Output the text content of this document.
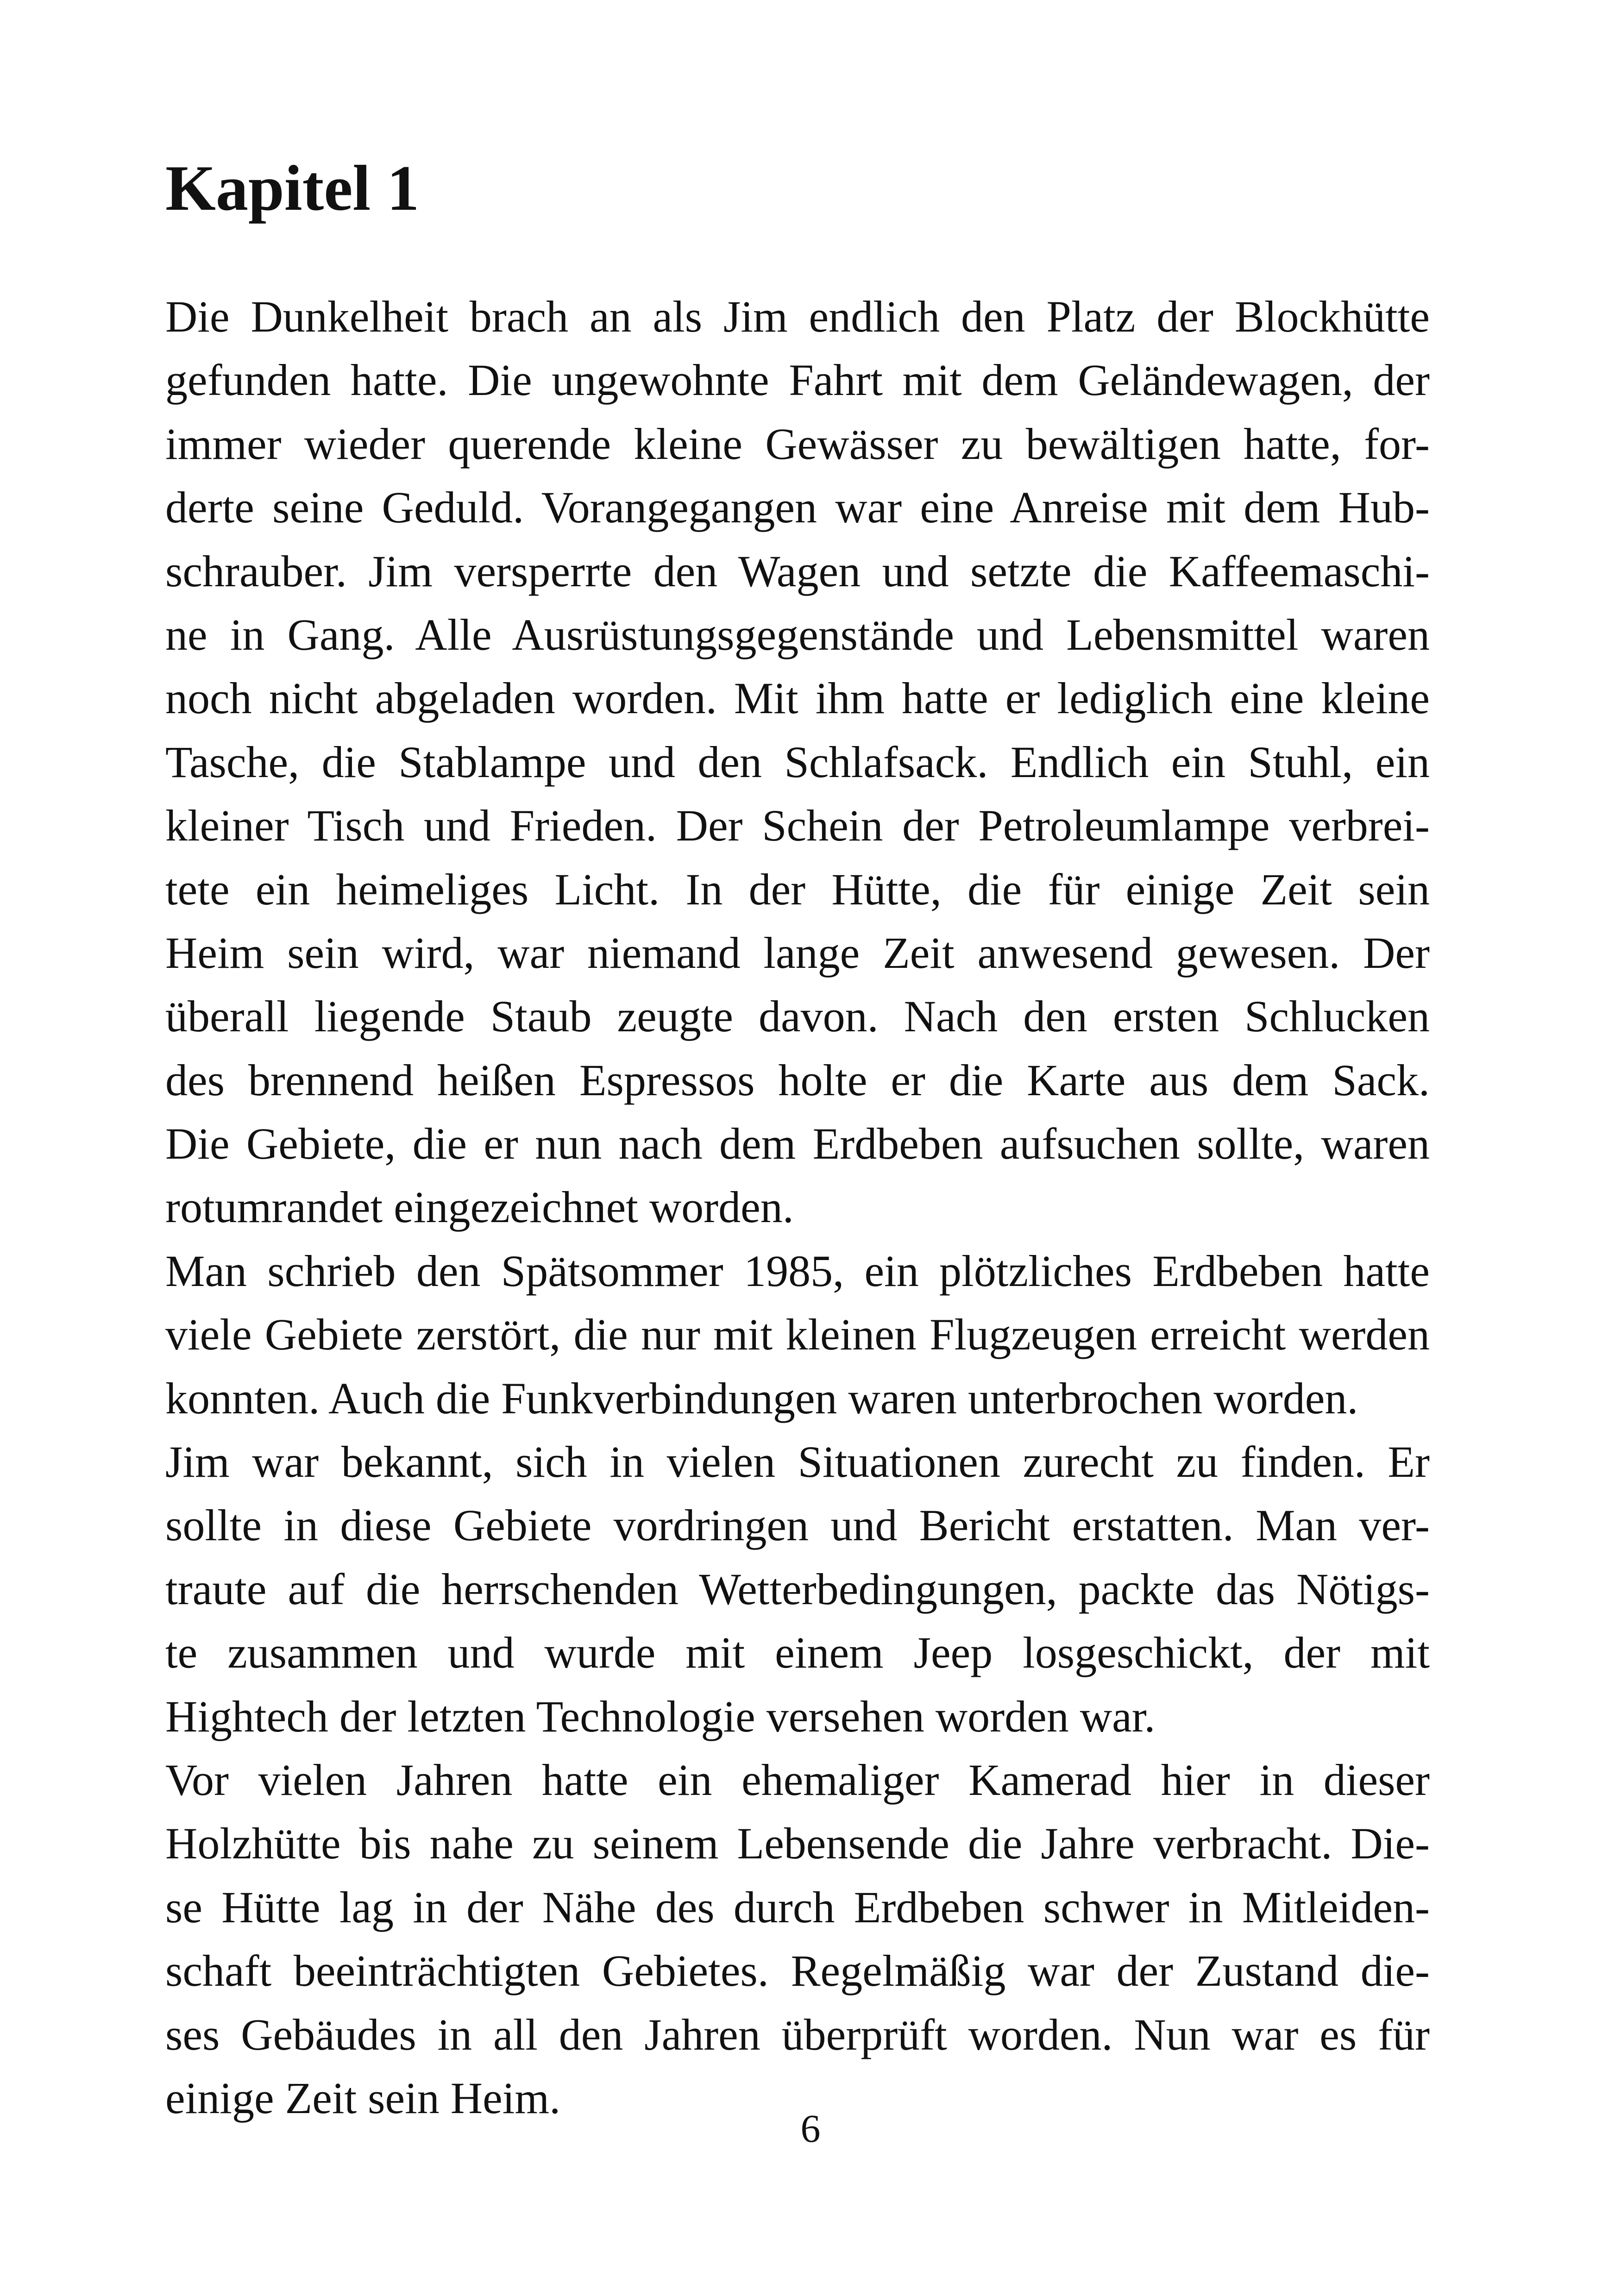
Kapitel 1
Die Dunkelheit brach an als Jim endlich den Platz der Blockhütte
gefunden hatte. Die ungewohnte Fahrt mit dem Geländewagen, der
immer wieder querende kleine Gewässer zu bewältigen hatte, for-
derte seine Geduld. Vorangegangen war eine Anreise mit dem Hub-
schrauber. Jim versperrte den Wagen und setzte die Kaffeemaschi-
ne in Gang. Alle Ausrüstungsgegenstände und Lebensmittel waren
noch nicht abgeladen worden. Mit ihm hatte er lediglich eine kleine
Tasche, die Stablampe und den Schlafsack. Endlich ein Stuhl, ein
kleiner Tisch und Frieden. Der Schein der Petroleumlampe verbrei-
tete ein heimeliges Licht. In der Hütte, die für einige Zeit sein
Heim sein wird, war niemand lange Zeit anwesend gewesen. Der
überall liegende Staub zeugte davon. Nach den ersten Schlucken
des brennend heißen Espressos holte er die Karte aus dem Sack.
Die Gebiete, die er nun nach dem Erdbeben aufsuchen sollte, waren
rotumrandet eingezeichnet worden.
Man schrieb den Spätsommer 1985, ein plötzliches Erdbeben hatte
viele Gebiete zerstört, die nur mit kleinen Flugzeugen erreicht werden
konnten. Auch die Funkverbindungen waren unterbrochen worden.
Jim war bekannt, sich in vielen Situationen zurecht zu finden. Er
sollte in diese Gebiete vordringen und Bericht erstatten. Man ver-
traute auf die herrschenden Wetterbedingungen, packte das Nötigs-
te zusammen und wurde mit einem Jeep losgeschickt, der mit
Hightech der letzten Technologie versehen worden war.
Vor vielen Jahren hatte ein ehemaliger Kamerad hier in dieser
Holzhütte bis nahe zu seinem Lebensende die Jahre verbracht. Die-
se Hütte lag in der Nähe des durch Erdbeben schwer in Mitleiden-
schaft beeinträchtigten Gebietes. Regelmäßig war der Zustand die-
ses Gebäudes in all den Jahren überprüft worden. Nun war es für
einige Zeit sein Heim.
6
